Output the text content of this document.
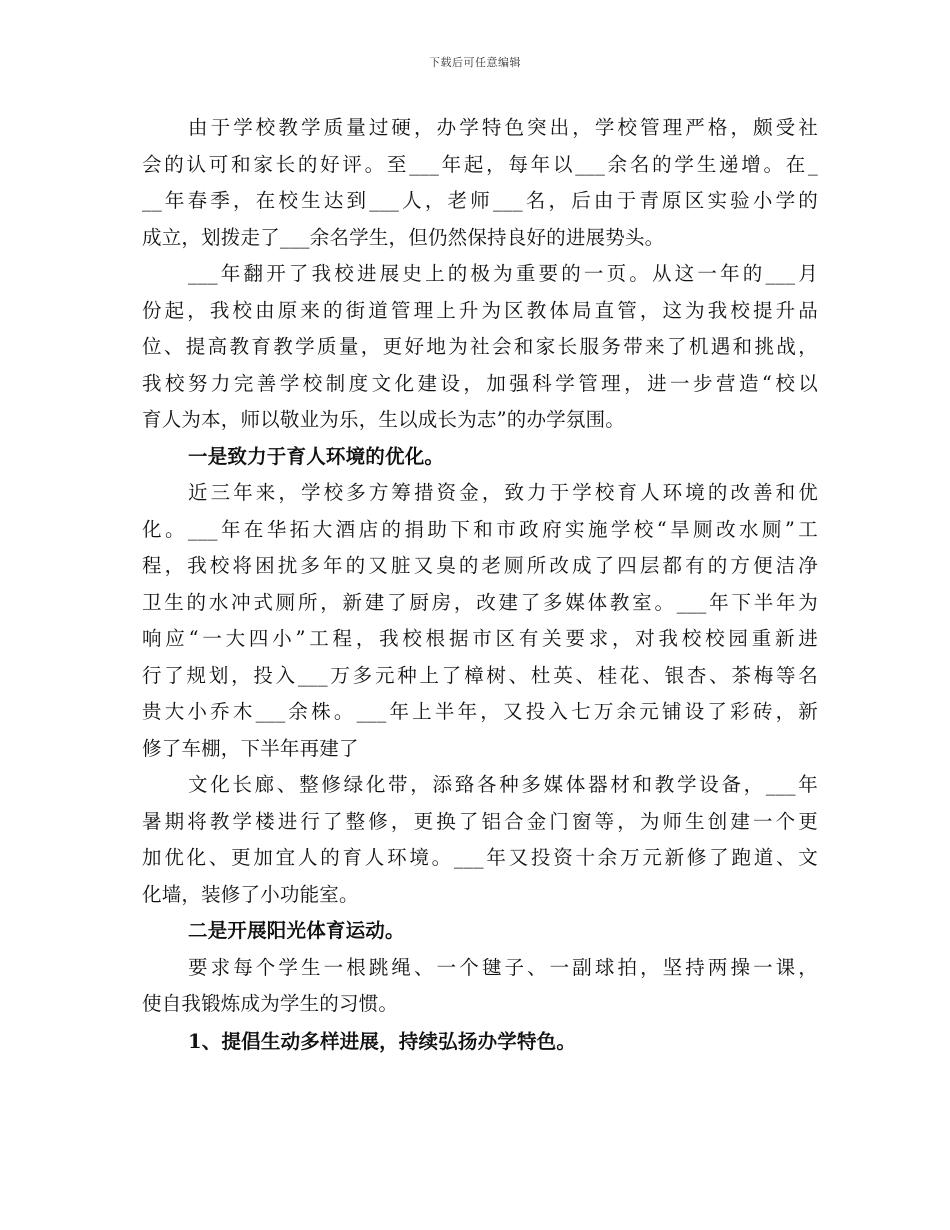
下载后可任意编辑
由于学校教学质量过硬，办学特色突出，学校管理严格，颇受社
会的认可和家长的好评。至___年起，每年以___余名的学生递增。在_
__年春季，在校生达到___人，老师___名，后由于青原区实验小学的
成立，划拨走了___余名学生，但仍然保持良好的进展势头。
___年翻开了我校进展史上的极为重要的一页。从这一年的___月
份起，我校由原来的街道管理上升为区教体局直管，这为我校提升品
位、提高教育教学质量，更好地为社会和家长服务带来了机遇和挑战，
我校努力完善学校制度文化建设，加强科学管理，进一步营造“校以
育人为本，师以敬业为乐，生以成长为志”的办学氛围。
一是致力于育人环境的优化。
近三年来，学校多方筹措资金，致力于学校育人环境的改善和优
化。___年在华拓大酒店的捐助下和市政府实施学校“旱厕改水厕”工
程，我校将困扰多年的又脏又臭的老厕所改成了四层都有的方便洁净
卫生的水冲式厕所，新建了厨房，改建了多媒体教室。___年下半年为
响应“一大四小”工程，我校根据市区有关要求，对我校校园重新进
行了规划，投入___万多元种上了樟树、杜英、桂花、银杏、茶梅等名
贵大小乔木___余株。___年上半年，又投入七万余元铺设了彩砖，新
修了车棚，下半年再建了
文化长廊、整修绿化带，添臵各种多媒体器材和教学设备，___年
暑期将教学楼进行了整修，更换了铝合金门窗等，为师生创建一个更
加优化、更加宜人的育人环境。___年又投资十余万元新修了跑道、文
化墙，装修了小功能室。
二是开展阳光体育运动。
要求每个学生一根跳绳、一个毽子、一副球拍，坚持两操一课，
使自我锻炼成为学生的习惯。
1、提倡生动多样进展，持续弘扬办学特色。
